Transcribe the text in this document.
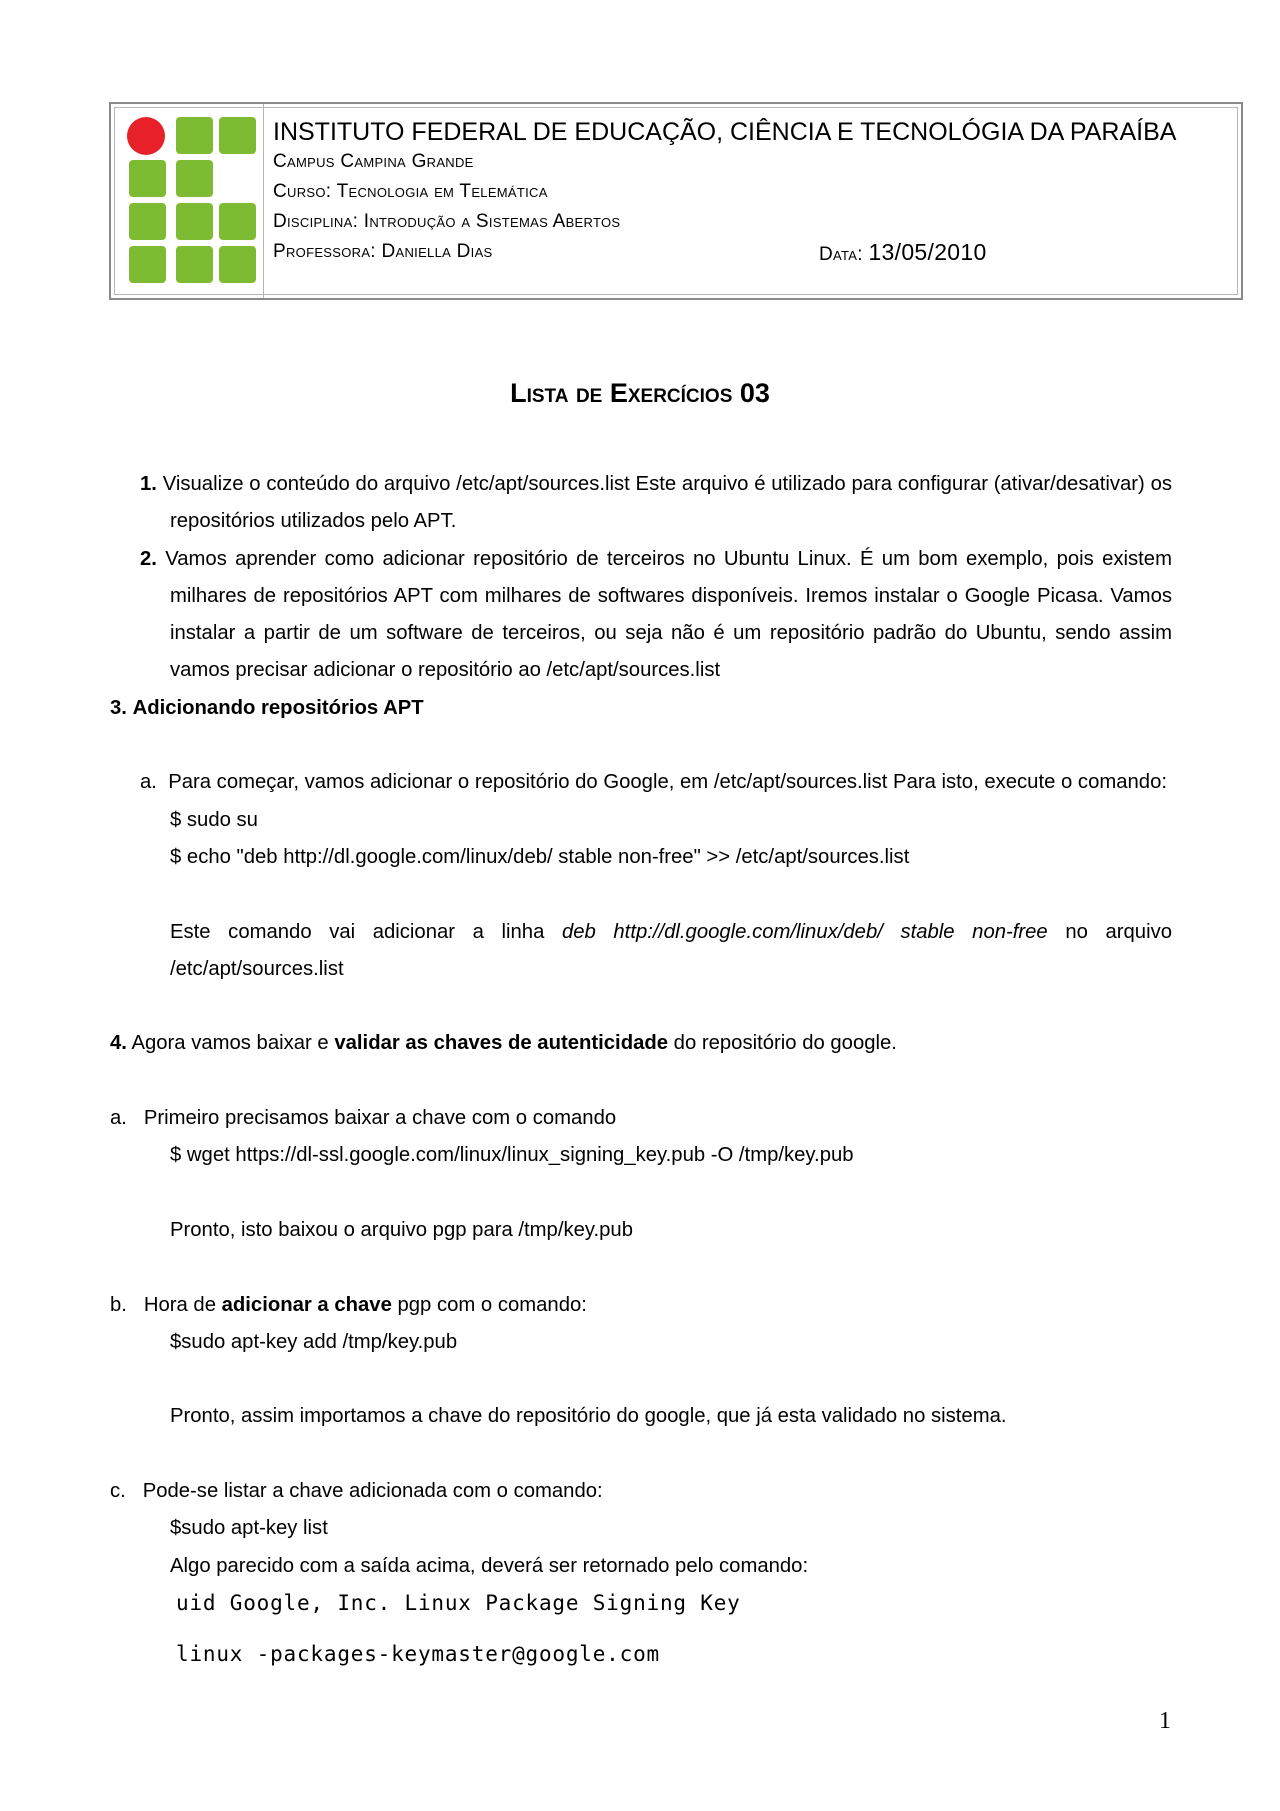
INSTITUTO FEDERAL DE EDUCAÇÃO, CIÊNCIA E TECNOLÓGIA DA PARAÍBA

Campus Campina Grande
Curso: Tecnologia em Telemática
Disciplina: Introdução a Sistemas Abertos
Professora: Daniella Dias	Data: 13/05/2010
Lista de Exercícios 03

1. Visualize o conteúdo do arquivo /etc/apt/sources.list Este arquivo é utilizado para configurar (ativar/desativar) os repositórios utilizados pelo APT.

2. Vamos aprender como adicionar repositório de terceiros no Ubuntu Linux. É um bom exemplo, pois existem milhares de repositórios APT com milhares de softwares disponíveis. Iremos instalar o Google Picasa. Vamos instalar a partir de um software de terceiros, ou seja não é um repositório padrão do Ubuntu, sendo assim vamos precisar adicionar o repositório ao /etc/apt/sources.list

3. Adicionando repositórios APT

a. Para começar, vamos adicionar o repositório do Google, em /etc/apt/sources.list Para isto, execute o comando:

$ sudo su

$ echo "deb http://dl.google.com/linux/deb/ stable non-free" >> /etc/apt/sources.list

Este comando vai adicionar a linha deb http://dl.google.com/linux/deb/ stable non-free no arquivo /etc/apt/sources.list

4. Agora vamos baixar e validar as chaves de autenticidade do repositório do google.

a. Primeiro precisamos baixar a chave com o comando

$ wget https://dl-ssl.google.com/linux/linux_signing_key.pub -O /tmp/key.pub

Pronto, isto baixou o arquivo pgp para /tmp/key.pub

b. Hora de adicionar a chave pgp com o comando:

$sudo apt-key add /tmp/key.pub

Pronto, assim importamos a chave do repositório do google, que já esta validado no sistema.

c. Pode-se listar a chave adicionada com o comando:

$sudo apt-key list

Algo parecido com a saída acima, deverá ser retornado pelo comando:

uid Google, Inc. Linux Package Signing Key

linux -packages-keymaster@google.com

1
